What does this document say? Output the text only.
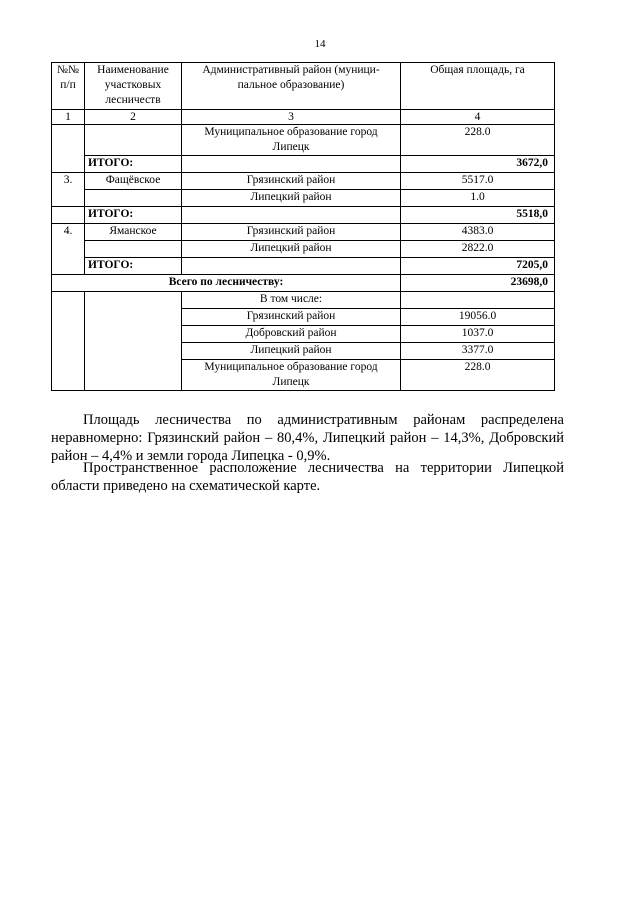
14
№№ п/п	Наименование участковых лесничеств	Административный район (муници-пальное образование)	Общая площадь, га
1	2	3	4
		Муниципальное образование город Липецк	228.0
	ИТОГО:		3672,0
3.	Фащёвское	Грязинский район	5517.0
		Липецкий район	1.0
	ИТОГО:		5518,0
4.	Яманское	Грязинский район	4383.0
		Липецкий район	2822.0
	ИТОГО:		7205,0
Всего по лесничеству:			23698,0
		В том числе:	
		Грязинский район	19056.0
		Добровский район	1037.0
		Липецкий район	3377.0
		Муниципальное образование город Липецк	228.0

Площадь лесничества по административным районам распределена неравномерно: Грязинский район – 80,4%, Липецкий район – 14,3%, Добровский район – 4,4% и земли города Липецка - 0,9%.

Пространственное расположение лесничества на территории Липецкой области приведено на схематической карте.
